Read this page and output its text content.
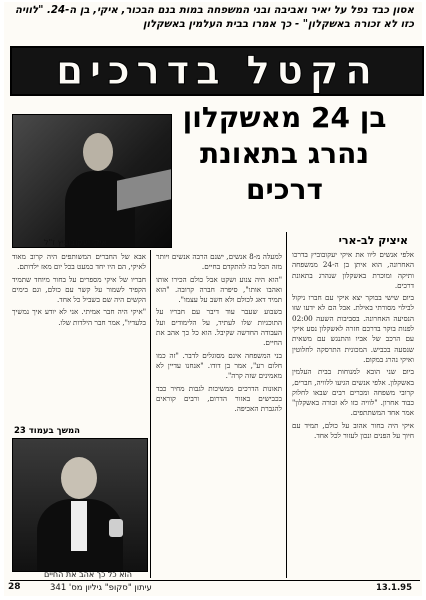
אסון כבד נפל על יאיר ואביבה ובני המשפחה במות בנם הבכור, איקי, בן ה-24. "לוויה
כזו לא זכורה באשקלון" - כך אמרו בבית העלמין באשקלון
הקטל בדרכים
איקי יעקובוביץ ז"ל
בן 24 מאשקלון
נהרג בתאונת
דרכים
איציק לב-ארי

אלפי אנשים ליוו את איקי יעקובוביץ בדרכו האחרונה, הוא איתן בן ה-24 ממשפחה ותיקה ומוכרת באשקלון שנהרג בתאונת דרכים.

ביום שישי בבוקר יצא איקי עם חברו ניקול לבילוי מסורתי באילת. אבל הם לא ידעו שזו הנסיעה האחרונה. בסביבות השעה 02:00 לפנות בוקר בדרכם חזרה לאשקלון נסע איקי עם הרכב של אביו והתנגש עם משאית שנסעה בכביש. המכונית התרסקה לחלוטין ואיקי נהרג במקום.

ביום שני הובא למנוחות בבית העלמין באשקלון. אלפי אנשים הגיעו ללוויה, חברים, קרובי משפחה ומכרים רבים שבאו לחלוק כבוד אחרון. "לוויה כזו לא זכורה באשקלון" אמר אחד המשתתפים.

איקי היה בחור אהוב על כולם, תמיד עם חיוך על הפנים ונכון לעזור לכל אחד.

למעלה מ-8 אנשים, ישנם הרבה אנשים ויותר מזה הכל בה להתקדם בחיים.

"הוא היה צנוע ושקט אבל כולם הכירו אותו ואהבו אותו", סיפרה חברה קרובה. "הוא תמיד דאג לכולם ולא חשב על עצמו".

בשבוע שעבר עוד דיבר עם חבריו על התוכניות שלו לעתיד, על הלימודים ועל העבודה החדשה שקיבל. הוא כל כך אהב את החיים.

בני המשפחה אינם מסוגלים לדבר. "זה כמו חלום רע", אמר בן דודו. "אנחנו עדיין לא מאמינים שזה קרה".

תאונות הדרכים ממשיכות לגבות מחיר כבד בכבישים באזור הדרום, ורבים קוראים להגברת האכיפה.

אבא של החברים המשותפים היה קרוב מאוד לאיקי, הם היו יחד כמעט בכל יום מאז ילדותם.

חבריו של איקי מספרים על בחור מיוחד שתמיד הקפיד לשמור על קשר עם כולם, וגם בימים הקשים היה שם בשביל כל אחד.

"איקי היה חבר אמיתי. אני לא יודע איך נמשיך בלעדיו", אמר חבר הילדות שלו.

המשך בעמוד 23
הוא כל כך אהב את החיים
עיתון "סקופ" גיליון מס' 341	13.1.95
28
